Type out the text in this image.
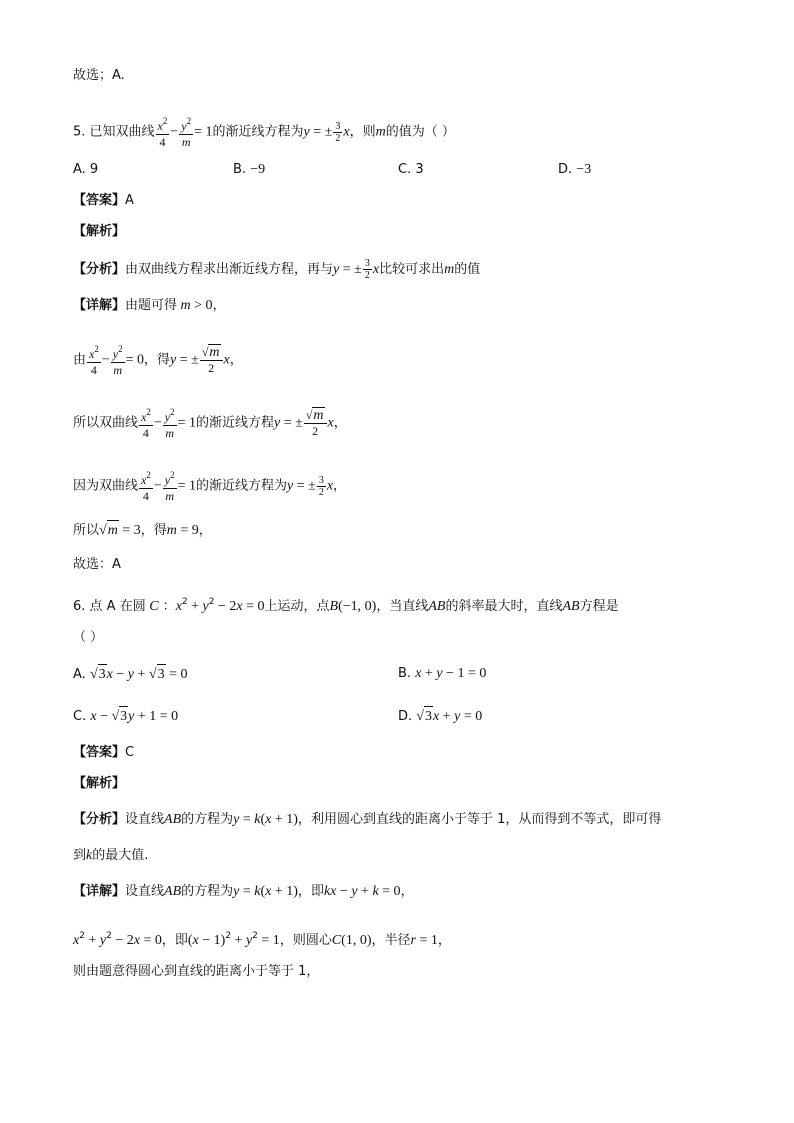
故选；A.
5. 已知双曲线 $\frac{x^2}{4} - \frac{y^2}{m} = 1$的渐近线方程为y = ± $\frac{3}{2}$ x，则m的值为（ ）
A. 9	B. −9	C. 3	D. −3
【答案】A
【解析】
【分析】由双曲线方程求出渐近线方程，再与y = ± $\frac{3}{2}$ x比较可求出m的值
【详解】由题可得 m > 0，
由 $\frac{x^2}{4} - \frac{y^2}{m} = 0$，得y = ± $\frac{√m}{2}$ x，
所以双曲线 $\frac{x^2}{4} - \frac{y^2}{m} = 1$的渐近线方程y = ± $\frac{√m}{2}$ x，
因为双曲线 $\frac{x^2}{4} - \frac{y^2}{m} = 1$的渐近线方程为y = ± $\frac{3}{2}$ x，
所以√m = 3，得m = 9，
故选：A
6. 点 A 在圆 C ：$x^2 + y^2 - 2x = 0$上运动，点B(−1, 0)，当直线AB的斜率最大时，直线AB方程是
（ ）
A. √3x − y + √3 = 0	B. x + y − 1 = 0
C. x − √3y + 1 = 0	D. √3x + y = 0
【答案】C
【解析】
【分析】设直线AB的方程为y = k(x + 1)，利用圆心到直线的距离小于等于 1，从而得到不等式，即可得
到k的最大值.
【详解】设直线AB的方程为y = k(x + 1)，即kx − y + k = 0，
$x^2 + y^2 - 2x = 0$，即$(x - 1)^2 + y^2 = 1$，则圆心C(1, 0)，半径r = 1，
则由题意得圆心到直线的距离小于等于 1，
